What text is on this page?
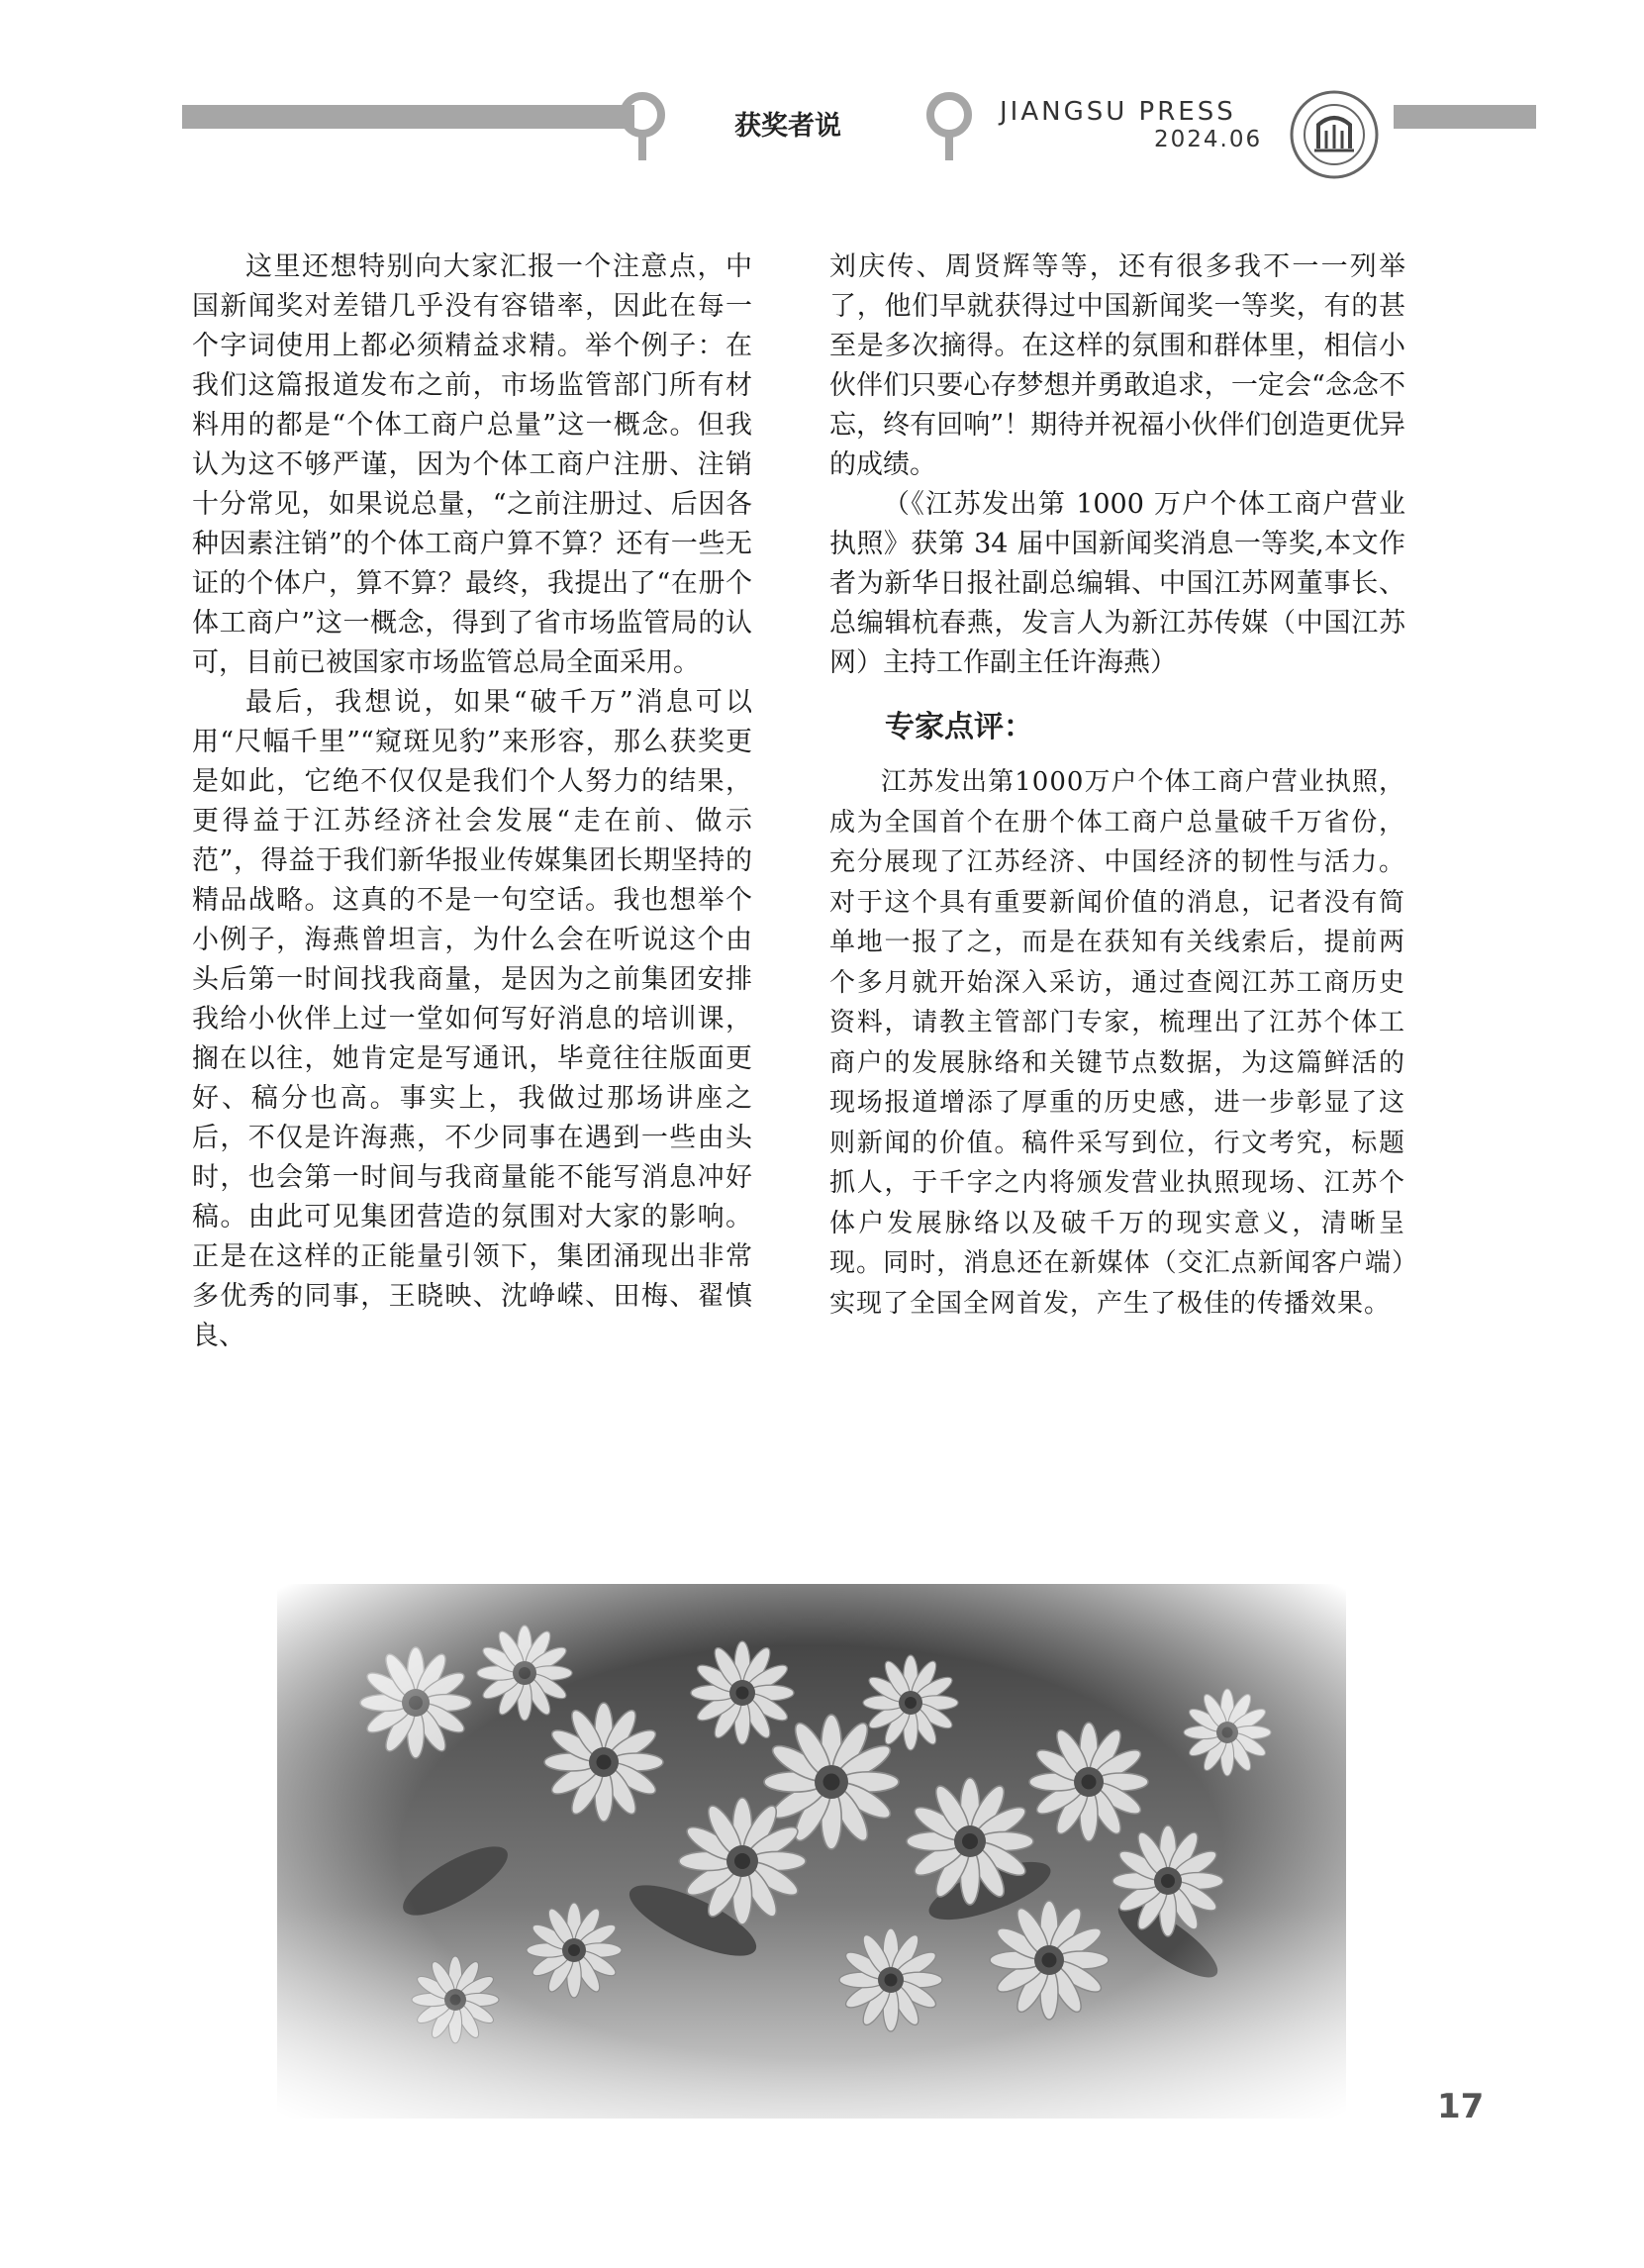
获奖者说	JIANGSU PRESS
2024.06

这里还想特别向大家汇报一个注意点，中国新闻奖对差错几乎没有容错率，因此在每一个字词使用上都必须精益求精。举个例子：在我们这篇报道发布之前，市场监管部门所有材料用的都是“个体工商户总量”这一概念。但我认为这不够严谨，因为个体工商户注册、注销十分常见，如果说总量，“之前注册过、后因各种因素注销”的个体工商户算不算？还有一些无证的个体户，算不算？最终，我提出了“在册个体工商户”这一概念，得到了省市场监管局的认可，目前已被国家市场监管总局全面采用。

最后，我想说，如果“破千万”消息可以用“尺幅千里”“窥斑见豹”来形容，那么获奖更是如此，它绝不仅仅是我们个人努力的结果，更得益于江苏经济社会发展“走在前、做示范”，得益于我们新华报业传媒集团长期坚持的精品战略。这真的不是一句空话。我也想举个小例子，海燕曾坦言，为什么会在听说这个由头后第一时间找我商量，是因为之前集团安排我给小伙伴上过一堂如何写好消息的培训课，搁在以往，她肯定是写通讯，毕竟往往版面更好、稿分也高。事实上，我做过那场讲座之后，不仅是许海燕，不少同事在遇到一些由头时，也会第一时间与我商量能不能写消息冲好稿。由此可见集团营造的氛围对大家的影响。正是在这样的正能量引领下，集团涌现出非常多优秀的同事，王晓映、沈峥嵘、田梅、翟慎良、

刘庆传、周贤辉等等，还有很多我不一一列举了，他们早就获得过中国新闻奖一等奖，有的甚至是多次摘得。在这样的氛围和群体里，相信小伙伴们只要心存梦想并勇敢追求，一定会“念念不忘，终有回响”！期待并祝福小伙伴们创造更优异的成绩。

（《江苏发出第 1000 万户个体工商户营业执照》获第 34 届中国新闻奖消息一等奖,本文作者为新华日报社副总编辑、中国江苏网董事长、总编辑杭春燕，发言人为新江苏传媒（中国江苏网）主持工作副主任许海燕）

专家点评：

江苏发出第1000万户个体工商户营业执照，成为全国首个在册个体工商户总量破千万省份，充分展现了江苏经济、中国经济的韧性与活力。对于这个具有重要新闻价值的消息，记者没有简单地一报了之，而是在获知有关线索后，提前两个多月就开始深入采访，通过查阅江苏工商历史资料，请教主管部门专家，梳理出了江苏个体工商户的发展脉络和关键节点数据，为这篇鲜活的现场报道增添了厚重的历史感，进一步彰显了这则新闻的价值。稿件采写到位，行文考究，标题抓人，于千字之内将颁发营业执照现场、江苏个体户发展脉络以及破千万的现实意义，清晰呈现。同时，消息还在新媒体（交汇点新闻客户端）实现了全国全网首发，产生了极佳的传播效果。

17
